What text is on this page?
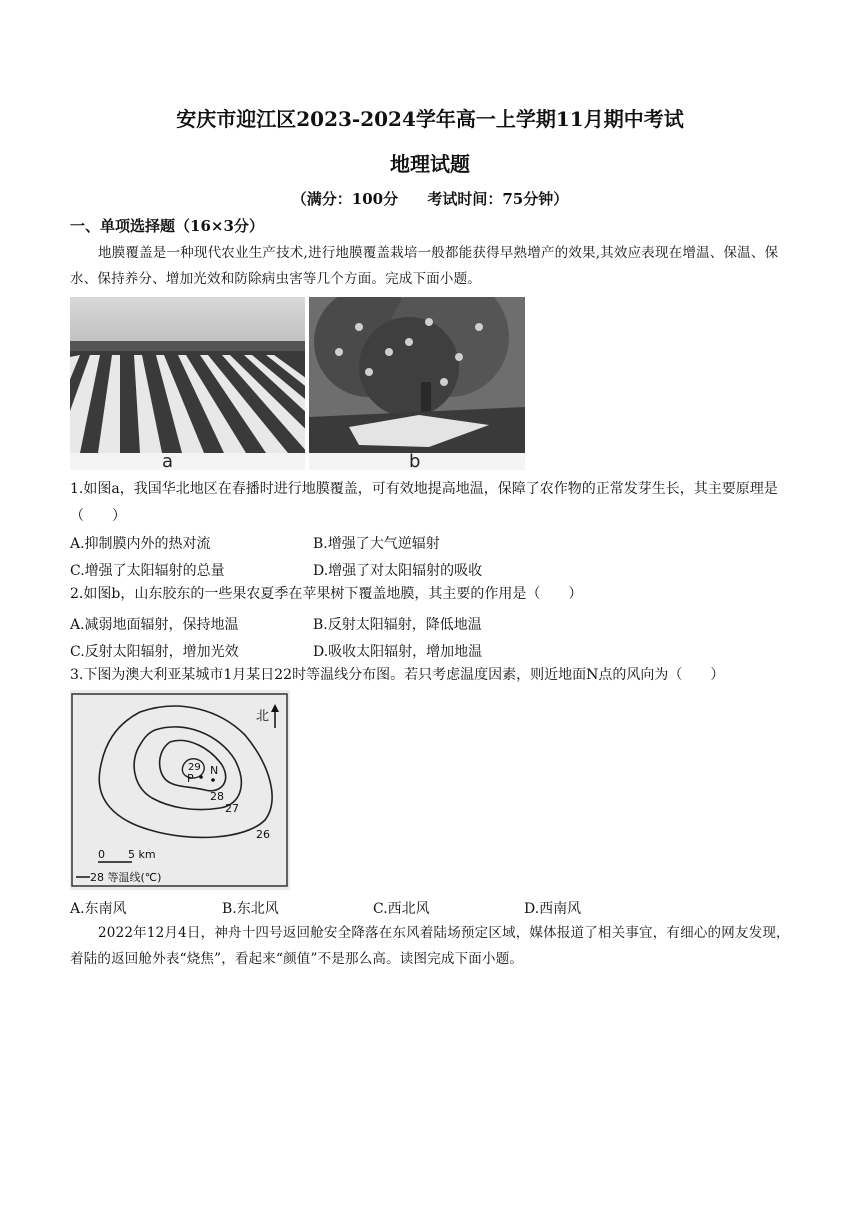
安庆市迎江区2023-2024学年高一上学期11月期中考试
地理试题
（满分：100分 考试时间：75分钟）
一、单项选择题（16×3分）
地膜覆盖是一种现代农业生产技术,进行地膜覆盖栽培一般都能获得早熟增产的效果,其效应表现在增温、保温、保水、保持养分、增加光效和防除病虫害等几个方面。完成下面小题。
a	b
1.如图a，我国华北地区在春播时进行地膜覆盖，可有效地提高地温，保障了农作物的正常发芽生长，其主要原理是（　　）
A.抑制膜内外的热对流	B.增强了大气逆辐射
C.增强了太阳辐射的总量	D.增强了对太阳辐射的吸收
2.如图b，山东胶东的一些果农夏季在苹果树下覆盖地膜，其主要的作用是（　　）
A.减弱地面辐射，保持地温	B.反射太阳辐射，降低地温
C.反射太阳辐射，增加光效	D.吸收太阳辐射，增加地温
3.下图为澳大利亚某城市1月某日22时等温线分布图。若只考虑温度因素，则近地面N点的风向为（　　）
29
P
N
28
27
26
北
0 5 km
28 等温线(℃)
A.东南风	B.东北风	C.西北风	D.西南风
2022年12月4日，神舟十四号返回舱安全降落在东风着陆场预定区域，媒体报道了相关事宜，有细心的网友发现，着陆的返回舱外表“烧焦”，看起来“颜值”不是那么高。读图完成下面小题。
